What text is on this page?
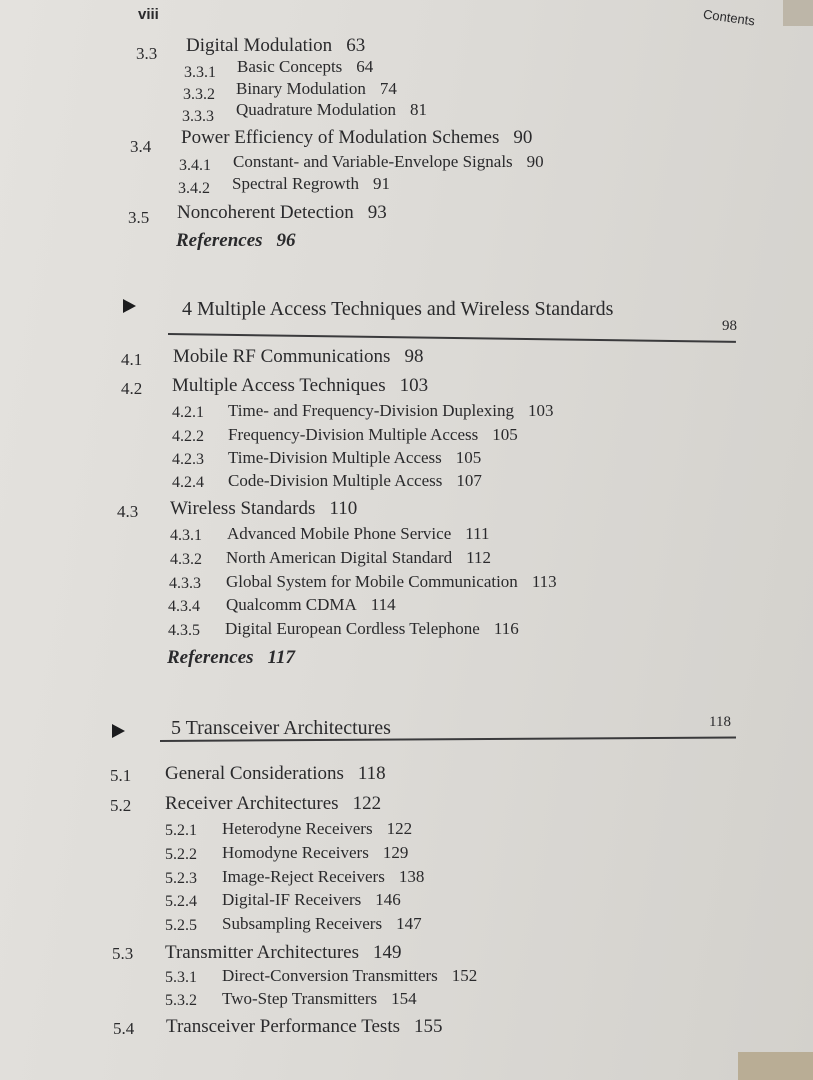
viii	Contents
3.3 Digital Modulation 63
3.3.1 Basic Concepts 64
3.3.2 Binary Modulation 74
3.3.3 Quadrature Modulation 81
3.4 Power Efficiency of Modulation Schemes 90
3.4.1 Constant- and Variable-Envelope Signals 90
3.4.2 Spectral Regrowth 91
3.5 Noncoherent Detection 93
References 96
4 Multiple Access Techniques and Wireless Standards
98
4.1 Mobile RF Communications 98
4.2 Multiple Access Techniques 103
4.2.1 Time- and Frequency-Division Duplexing 103
4.2.2 Frequency-Division Multiple Access 105
4.2.3 Time-Division Multiple Access 105
4.2.4 Code-Division Multiple Access 107
4.3 Wireless Standards 110
4.3.1 Advanced Mobile Phone Service 111
4.3.2 North American Digital Standard 112
4.3.3 Global System for Mobile Communication 113
4.3.4 Qualcomm CDMA 114
4.3.5 Digital European Cordless Telephone 116
References 117
5 Transceiver Architectures	118
5.1 General Considerations 118
5.2 Receiver Architectures 122
5.2.1 Heterodyne Receivers 122
5.2.2 Homodyne Receivers 129
5.2.3 Image-Reject Receivers 138
5.2.4 Digital-IF Receivers 146
5.2.5 Subsampling Receivers 147
5.3 Transmitter Architectures 149
5.3.1 Direct-Conversion Transmitters 152
5.3.2 Two-Step Transmitters 154
5.4 Transceiver Performance Tests 155
